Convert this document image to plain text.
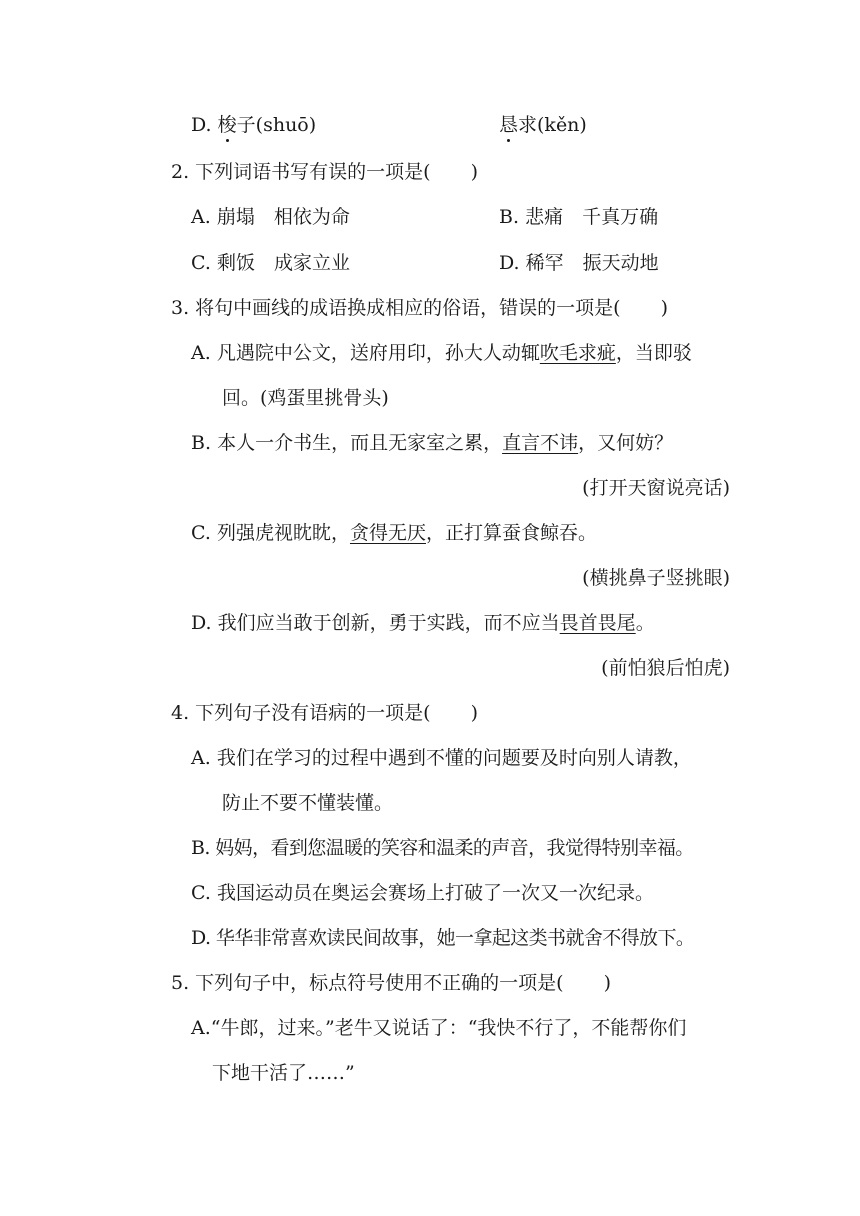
D. 梭子(shuō)	恳求(kěn)
2. 下列词语书写有误的一项是( )
A. 崩塌　相依为命	B. 悲痛　千真万确
C. 剩饭　成家立业	D. 稀罕　振天动地
3. 将句中画线的成语换成相应的俗语，错误的一项是( )
A. 凡遇院中公文，送府用印，孙大人动辄吹毛求疵，当即驳
回。(鸡蛋里挑骨头)
B. 本人一介书生，而且无家室之累，直言不讳，又何妨？
(打开天窗说亮话)
C. 列强虎视眈眈，贪得无厌，正打算蚕食鲸吞。
(横挑鼻子竖挑眼)
D. 我们应当敢于创新，勇于实践，而不应当畏首畏尾。
(前怕狼后怕虎)
4. 下列句子没有语病的一项是( )
A. 我们在学习的过程中遇到不懂的问题要及时向别人请教，
防止不要不懂装懂。
B. 妈妈，看到您温暖的笑容和温柔的声音，我觉得特别幸福。
C. 我国运动员在奥运会赛场上打破了一次又一次纪录。
D. 华华非常喜欢读民间故事，她一拿起这类书就舍不得放下。
5. 下列句子中，标点符号使用不正确的一项是( )
A.“牛郎，过来。”老牛又说话了：“我快不行了，不能帮你们
下地干活了……”
